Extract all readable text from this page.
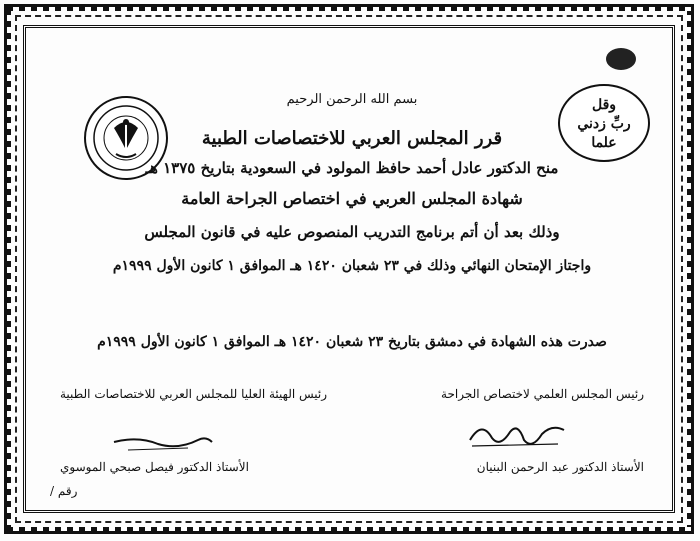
وقل
ربِّ زدني
علما
بسم الله الرحمن الرحيم
قرر المجلس العربي للاختصاصات الطبية
منح الدكتور عادل أحمد حافظ المولود في السعودية بتاريخ ١٣٧٥ هـ
شهادة المجلس العربي في اختصاص الجراحة العامة
وذلك بعد أن أتم برنامج التدريب المنصوص عليه في قانون المجلس
واجتاز الإمتحان النهائي وذلك في ٢٣ شعبان ١٤٢٠ هـ الموافق ١ كانون الأول ١٩٩٩م
صدرت هذه الشهادة في دمشق بتاريخ ٢٣ شعبان ١٤٢٠ هـ الموافق ١ كانون الأول ١٩٩٩م
رئيس المجلس العلمي لاختصاص الجراحة
رئيس الهيئة العليا للمجلس العربي للاختصاصات الطبية
الأستاذ الدكتور عبد الرحمن البنيان
الأستاذ الدكتور فيصل صبحي الموسوي
رقم /
